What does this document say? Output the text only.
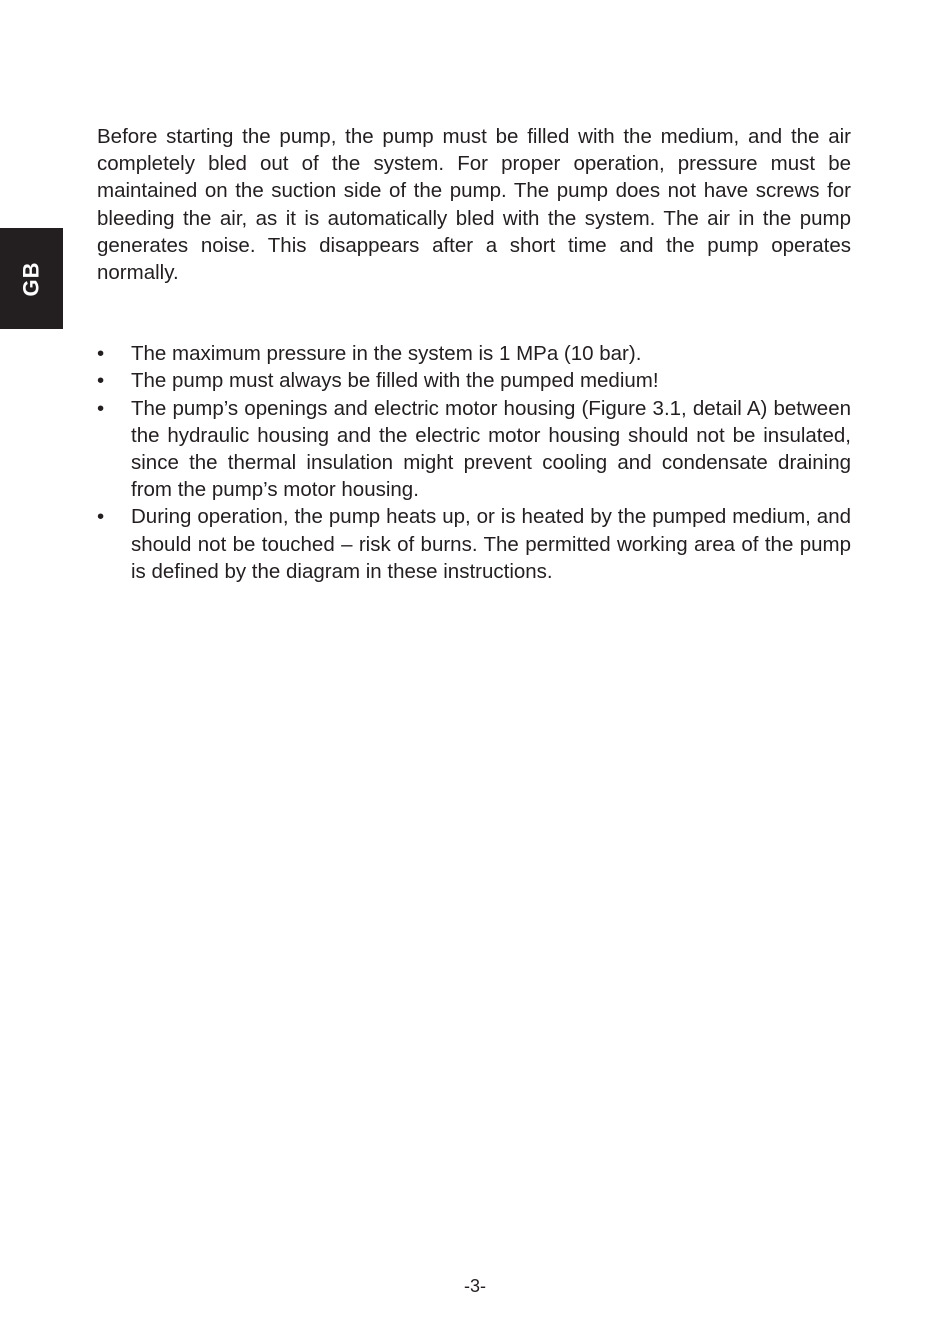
GB

Before starting the pump, the pump must be filled with the medium, and the air completely bled out of the system. For proper operation, pressure must be maintained on the suction side of the pump. The pump does not have screws for bleeding the air, as it is automatically bled with the system. The air in the pump generates noise. This disappears after a short time and the pump operates normally.

• The maximum pressure in the system is 1 MPa (10 bar).
• The pump must always be filled with the pumped medium!
• The pump’s openings and electric motor housing (Figure 3.1, detail A) between the hydraulic housing and the electric motor housing should not be insulated, since the thermal insulation might prevent cooling and condensate draining from the pump’s motor housing.
• During operation, the pump heats up, or is heated by the pumped medium, and should not be touched – risk of burns. The permitted working area of the pump is defined by the diagram in these instructions.
-3-
